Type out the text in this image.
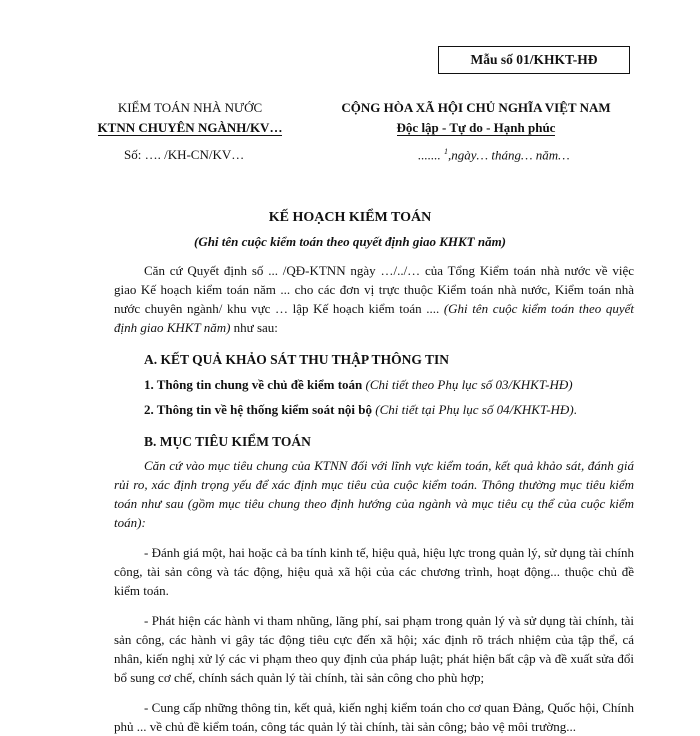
Mẫu số 01/KHKT-HĐ
KIỂM TOÁN NHÀ NƯỚC
KTNN CHUYÊN NGÀNH/KV…
CỘNG HÒA XÃ HỘI CHỦ NGHĨA VIỆT NAM
Độc lập - Tự do - Hạnh phúc
Số: …. /KH-CN/KV…	....... $^1$,ngày… tháng… năm…
KẾ HOẠCH KIỂM TOÁN
(Ghi tên cuộc kiểm toán theo quyết định giao KHKT năm)

Căn cứ Quyết định số ... /QĐ-KTNN ngày …/../… của Tổng Kiểm toán nhà nước về việc giao Kế hoạch kiểm toán năm ... cho các đơn vị trực thuộc Kiểm toán nhà nước, Kiểm toán nhà nước chuyên ngành/ khu vực … lập Kế hoạch kiểm toán .... (Ghi tên cuộc kiểm toán theo quyết định giao KHKT năm) như sau:

A. KẾT QUẢ KHẢO SÁT THU THẬP THÔNG TIN

1. Thông tin chung về chủ đề kiểm toán (Chi tiết theo Phụ lục số 03/KHKT-HĐ)

2. Thông tin về hệ thống kiểm soát nội bộ (Chi tiết tại Phụ lục số 04/KHKT-HĐ).

B. MỤC TIÊU KIỂM TOÁN

Căn cứ vào mục tiêu chung của KTNN đối với lĩnh vực kiểm toán, kết quả khảo sát, đánh giá rủi ro, xác định trọng yếu để xác định mục tiêu của cuộc kiểm toán. Thông thường mục tiêu kiểm toán như sau (gồm mục tiêu chung theo định hướng của ngành và mục tiêu cụ thể của cuộc kiểm toán):

- Đánh giá một, hai hoặc cả ba tính kinh tế, hiệu quả, hiệu lực trong quản lý, sử dụng tài chính công, tài sản công và tác động, hiệu quả xã hội của các chương trình, hoạt động... thuộc chủ đề kiểm toán.

- Phát hiện các hành vi tham nhũng, lãng phí, sai phạm trong quản lý và sử dụng tài chính, tài sản công, các hành vi gây tác động tiêu cực đến xã hội; xác định rõ trách nhiệm của tập thể, cá nhân, kiến nghị xử lý các vi phạm theo quy định của pháp luật; phát hiện bất cập và đề xuất sửa đổi bổ sung cơ chế, chính sách quản lý tài chính, tài sản công cho phù hợp;

- Cung cấp những thông tin, kết quả, kiến nghị kiểm toán cho cơ quan Đảng, Quốc hội, Chính phủ ... về chủ đề kiểm toán, công tác quản lý tài chính, tài sản công; bảo vệ môi trường...
